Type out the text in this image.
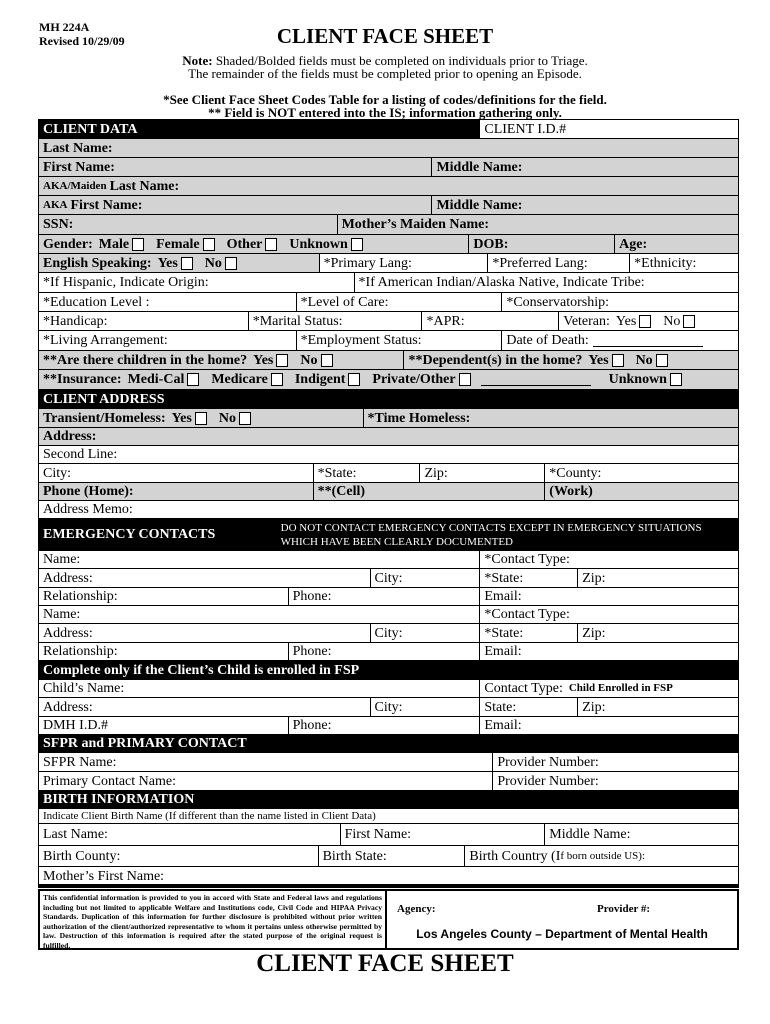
MH 224A
Revised 10/29/09	CLIENT FACE SHEET
Note: Shaded/Bolded fields must be completed on individuals prior to Triage.
The remainder of the fields must be completed prior to opening an Episode.
*See Client Face Sheet Codes Table for a listing of codes/definitions for the field.
** Field is NOT entered into the IS; information gathering only.
CLIENT DATA	CLIENT I.D.#
Last Name:
First Name:	Middle Name:
AKA/Maiden Last Name:
AKA First Name:	Middle Name:
SSN:	Mother’s Maiden Name:
Gender: Male Female Other Unknown	DOB:	Age:
English Speaking: Yes No	*Primary Lang:	*Preferred Lang:	*Ethnicity:
*If Hispanic, Indicate Origin:	*If American Indian/Alaska Native, Indicate Tribe:
*Education Level :	*Level of Care:	*Conservatorship:
*Handicap:	*Marital Status:	*APR:	Veteran: Yes No
*Living Arrangement:	*Employment Status:	Date of Death:
**Are there children in the home? Yes No	**Dependent(s) in the home? Yes No
**Insurance: Medi-Cal Medicare Indigent Private/Other	Unknown
CLIENT ADDRESS
Transient/Homeless: Yes No	*Time Homeless:
Address:
Second Line:
City:	*State:	Zip:	*County:
Phone (Home):	**(Cell)	(Work)
Address Memo:
EMERGENCY CONTACTS	DO NOT CONTACT EMERGENCY CONTACTS EXCEPT IN EMERGENCY SITUATIONS WHICH HAVE BEEN CLEARLY DOCUMENTED
Name:	*Contact Type:
Address:	City:	*State:	Zip:
Relationship:	Phone:	Email:
Name:	*Contact Type:
Address:	City:	*State:	Zip:
Relationship:	Phone:	Email:
Complete only if the Client’s Child is enrolled in FSP
Child’s Name:	Contact Type: Child Enrolled in FSP
Address:	City:	State:	Zip:
DMH I.D.#	Phone:	Email:
SFPR and PRIMARY CONTACT
SFPR Name:	Provider Number:
Primary Contact Name:	Provider Number:
BIRTH INFORMATION
Indicate Client Birth Name (If different than the name listed in Client Data)
Last Name:	First Name:	Middle Name:
Birth County:	Birth State:	Birth Country (I f born outside US):
Mother’s First Name:
This confidential information is provided to you in accord with State and Federal laws and regulations including but not limited to applicable Welfare and Institutions code, Civil Code and HIPAA Privacy Standards. Duplication of this information for further disclosure is prohibited without prior written authorization of the client/authorized representative to whom it pertains unless otherwise permitted by law. Destruction of this information is required after the stated purpose of the original request is fulfilled.
Agency:	Provider #:
Los Angeles County – Department of Mental Health
CLIENT FACE SHEET
